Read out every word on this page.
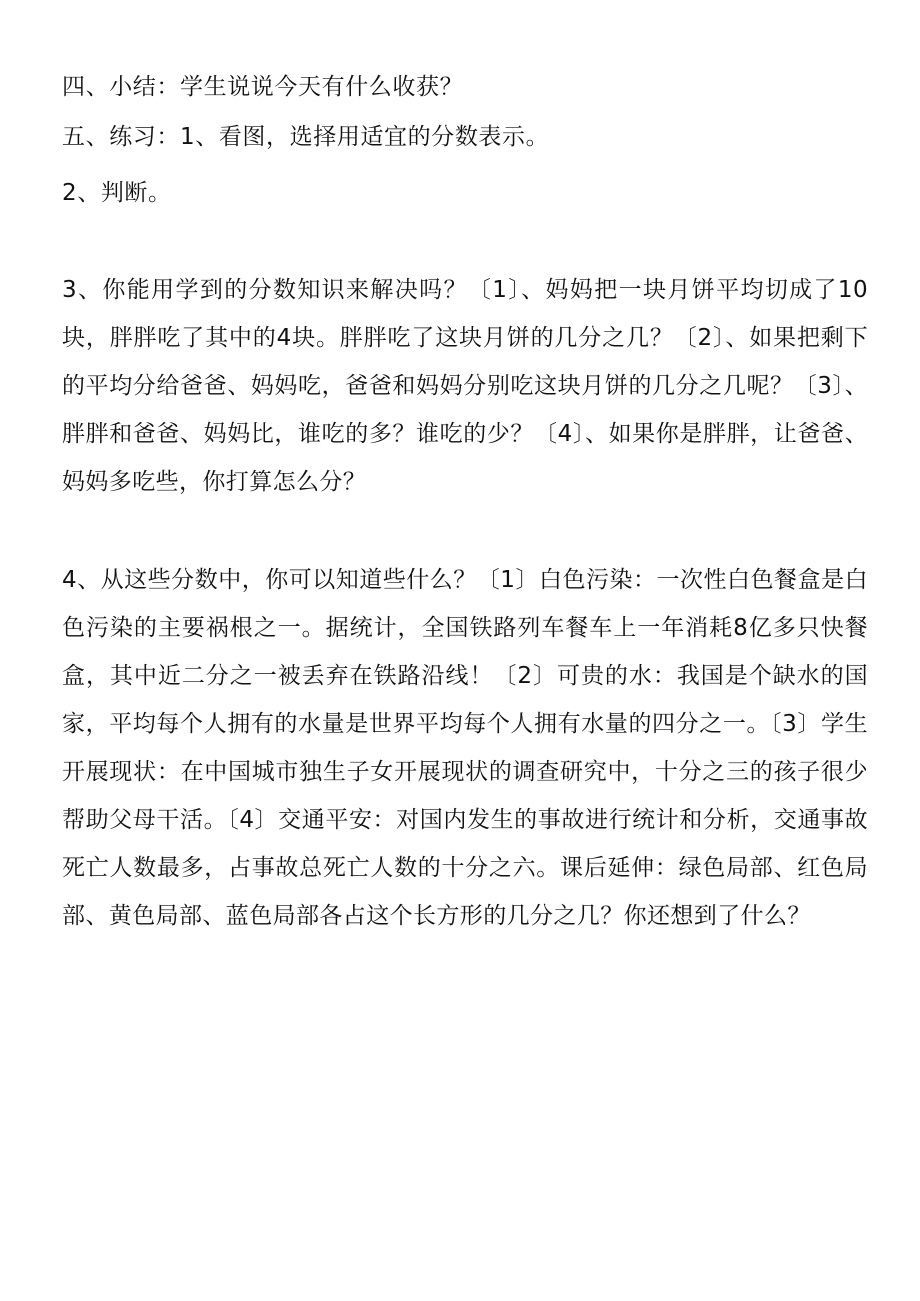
四、小结：学生说说今天有什么收获？
五、练习：1、看图，选择用适宜的分数表示。
2、判断。
3、你能用学到的分数知识来解决吗？〔1〕、妈妈把一块月饼平均切成了10块，胖胖吃了其中的4块。胖胖吃了这块月饼的几分之几？〔2〕、如果把剩下的平均分给爸爸、妈妈吃，爸爸和妈妈分别吃这块月饼的几分之几呢？〔3〕、胖胖和爸爸、妈妈比，谁吃的多？谁吃的少？〔4〕、如果你是胖胖，让爸爸、妈妈多吃些，你打算怎么分？
4、从这些分数中，你可以知道些什么？〔1〕白色污染：一次性白色餐盒是白色污染的主要祸根之一。据统计，全国铁路列车餐车上一年消耗8亿多只快餐盒，其中近二分之一被丢弃在铁路沿线！〔2〕可贵的水：我国是个缺水的国家，平均每个人拥有的水量是世界平均每个人拥有水量的四分之一。〔3〕学生开展现状：在中国城市独生子女开展现状的调查研究中，十分之三的孩子很少帮助父母干活。〔4〕交通平安：对国内发生的事故进行统计和分析，交通事故死亡人数最多，占事故总死亡人数的十分之六。课后延伸：绿色局部、红色局部、黄色局部、蓝色局部各占这个长方形的几分之几？你还想到了什么？
